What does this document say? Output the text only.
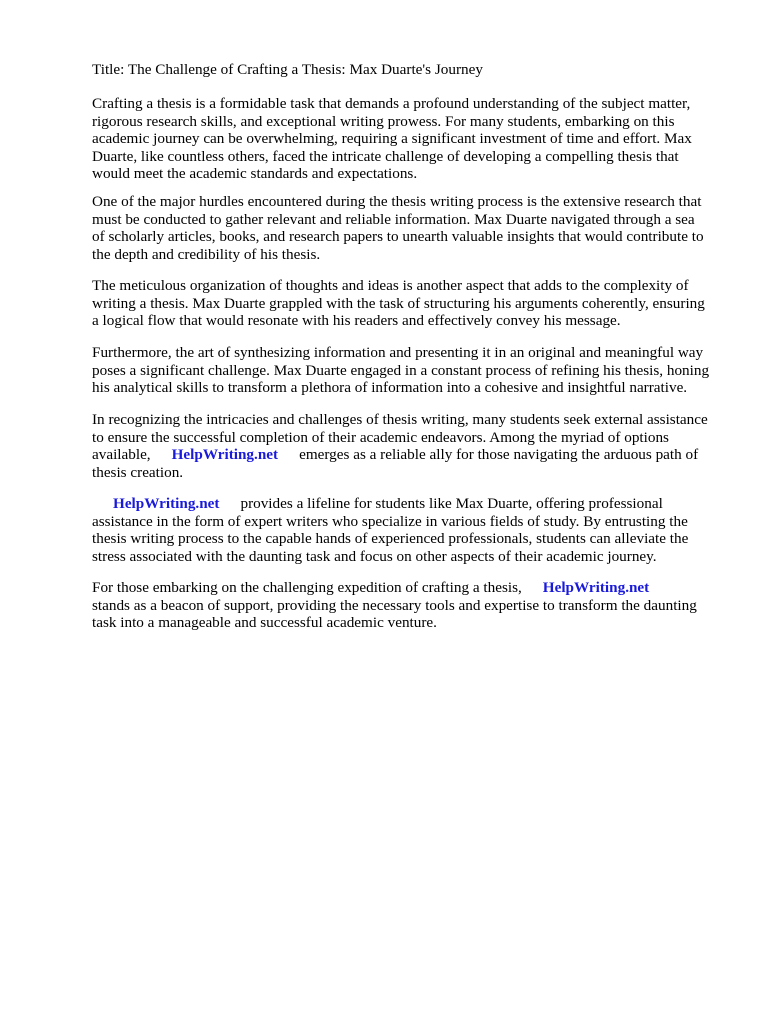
Title: The Challenge of Crafting a Thesis: Max Duarte's Journey

Crafting a thesis is a formidable task that demands a profound understanding of the subject matter,
rigorous research skills, and exceptional writing prowess. For many students, embarking on this
academic journey can be overwhelming, requiring a significant investment of time and effort. Max
Duarte, like countless others, faced the intricate challenge of developing a compelling thesis that
would meet the academic standards and expectations.

One of the major hurdles encountered during the thesis writing process is the extensive research that
must be conducted to gather relevant and reliable information. Max Duarte navigated through a sea
of scholarly articles, books, and research papers to unearth valuable insights that would contribute to
the depth and credibility of his thesis.

The meticulous organization of thoughts and ideas is another aspect that adds to the complexity of
writing a thesis. Max Duarte grappled with the task of structuring his arguments coherently, ensuring
a logical flow that would resonate with his readers and effectively convey his message.

Furthermore, the art of synthesizing information and presenting it in an original and meaningful way
poses a significant challenge. Max Duarte engaged in a constant process of refining his thesis, honing
his analytical skills to transform a plethora of information into a cohesive and insightful narrative.

In recognizing the intricacies and challenges of thesis writing, many students seek external assistance
to ensure the successful completion of their academic endeavors. Among the myriad of options
available, HelpWriting.net emerges as a reliable ally for those navigating the arduous path of
thesis creation.

HelpWriting.net provides a lifeline for students like Max Duarte, offering professional
assistance in the form of expert writers who specialize in various fields of study. By entrusting the
thesis writing process to the capable hands of experienced professionals, students can alleviate the
stress associated with the daunting task and focus on other aspects of their academic journey.

For those embarking on the challenging expedition of crafting a thesis, HelpWriting.net
stands as a beacon of support, providing the necessary tools and expertise to transform the daunting
task into a manageable and successful academic venture.
